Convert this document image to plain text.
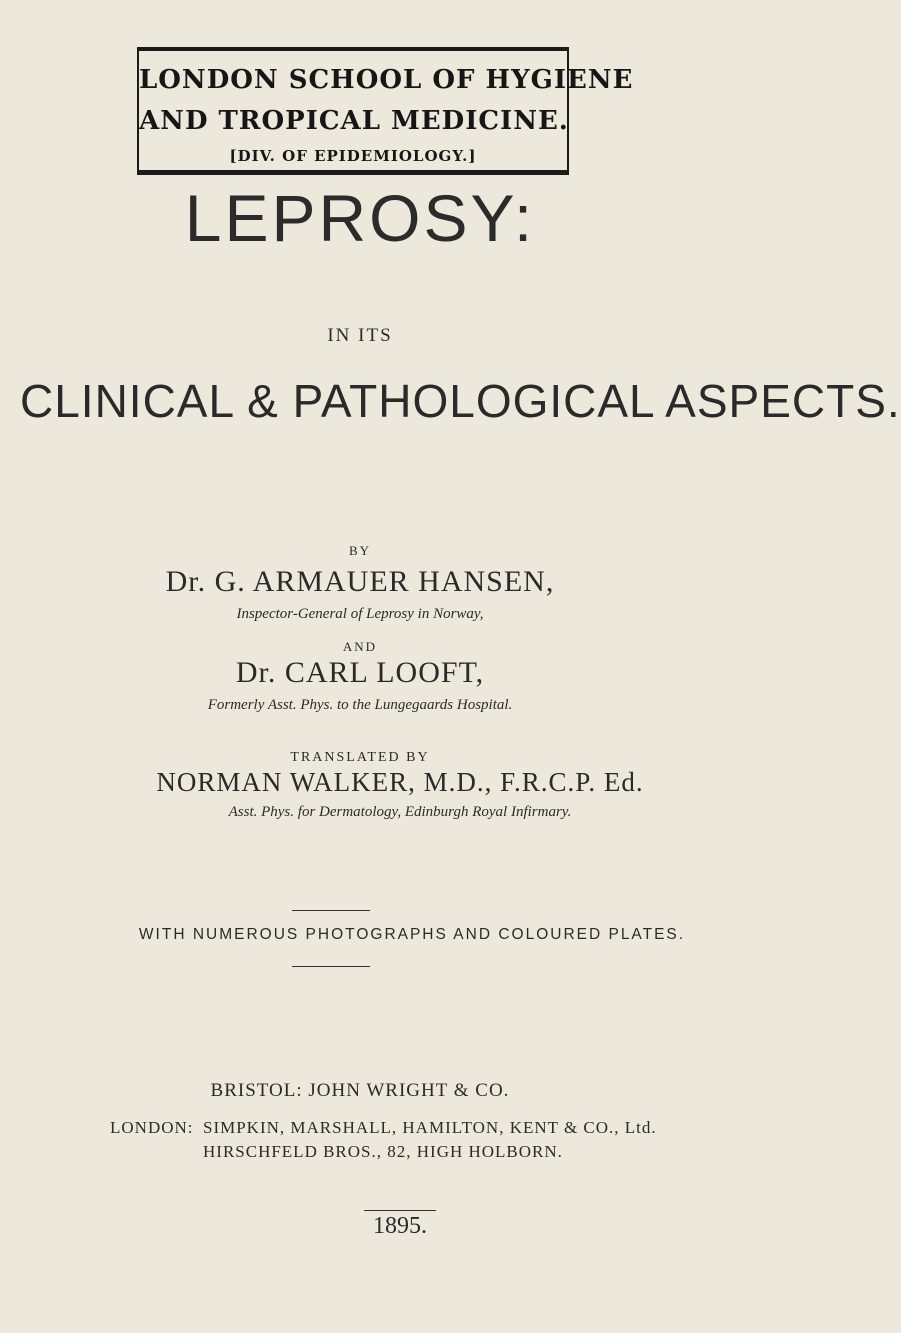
LONDON SCHOOL OF HYGIENE
AND TROPICAL MEDICINE.
[DIV. OF EPIDEMIOLOGY.]
LEPROSY:
IN ITS
CLINICAL & PATHOLOGICAL ASPECTS.
BY
Dr. G. ARMAUER HANSEN,
Inspector-General of Leprosy in Norway,
AND
Dr. CARL LOOFT,
Formerly Asst. Phys. to the Lungegaards Hospital.
TRANSLATED BY
NORMAN WALKER, M.D., F.R.C.P. Ed.
Asst. Phys. for Dermatology, Edinburgh Royal Infirmary.
WITH NUMEROUS PHOTOGRAPHS AND COLOURED PLATES.
BRISTOL: JOHN WRIGHT & CO.
LONDON: SIMPKIN, MARSHALL, HAMILTON, KENT & CO., Ltd.
HIRSCHFELD BROS., 82, HIGH HOLBORN.
1895.
